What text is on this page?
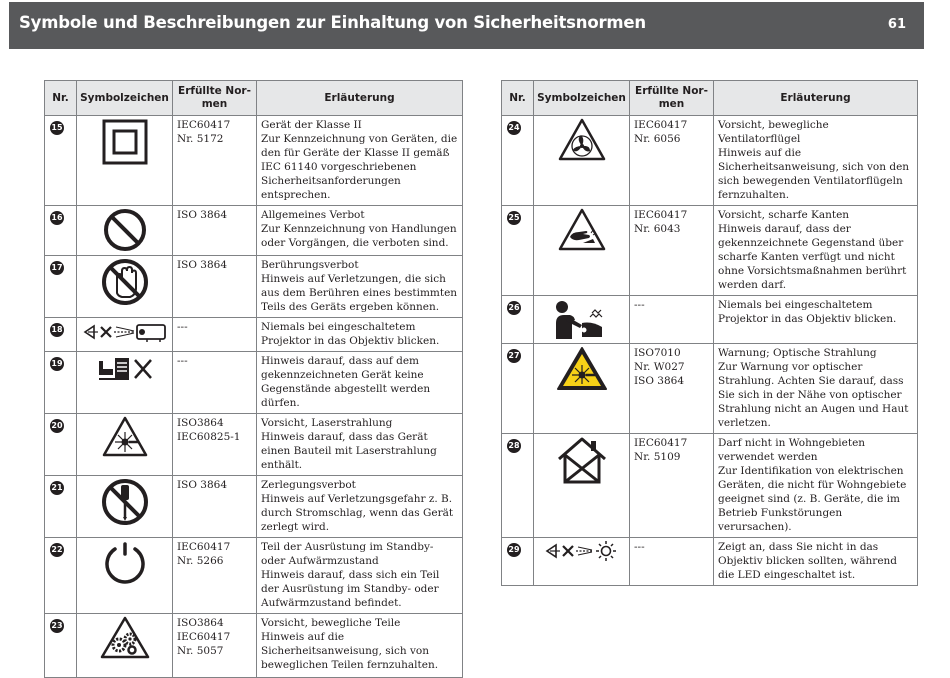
Symbole und Beschreibungen zur Einhaltung von Sicherheitsnormen	61
Nr.	Symbolzeichen	Erfüllte Nor-
men	Erläuterung
15		IEC60417
Nr. 5172	Gerät der Klasse II
Zur Kennzeichnung von Geräten, die den für Geräte der Klasse II gemäß IEC 61140 vorgeschriebenen Sicherheitsanforderungen entsprechen.
16		ISO 3864	Allgemeines Verbot
Zur Kennzeichnung von Handlungen oder Vorgängen, die verboten sind.
17		ISO 3864	Berührungsverbot
Hinweis auf Verletzungen, die sich aus dem Berühren eines bestimmten Teils des Geräts ergeben können.
18		---	Niemals bei eingeschaltetem Projektor in das Objektiv blicken.
19		---	Hinweis darauf, dass auf dem gekennzeichneten Gerät keine Gegenstände abgestellt werden dürfen.
20		ISO3864
IEC60825-1	Vorsicht, Laserstrahlung
Hinweis darauf, dass das Gerät einen Bauteil mit Laserstrahlung enthält.
21		ISO 3864	Zerlegungsverbot
Hinweis auf Verletzungsgefahr z. B. durch Stromschlag, wenn das Gerät zerlegt wird.
22		IEC60417
Nr. 5266	Teil der Ausrüstung im Standby- oder Aufwärmzustand
Hinweis darauf, dass sich ein Teil der Ausrüstung im Standby- oder Aufwärmzustand befindet.
23		ISO3864
IEC60417
Nr. 5057	Vorsicht, bewegliche Teile
Hinweis auf die Sicherheitsanweisung, sich von beweglichen Teilen fernzuhalten.
Nr.	Symbolzeichen	Erfüllte Nor-
men	Erläuterung
24		IEC60417
Nr. 6056	Vorsicht, bewegliche Ventilatorflügel
Hinweis auf die Sicherheitsanweisung, sich von den sich bewegenden Ventilatorflügeln fernzuhalten.
25		IEC60417
Nr. 6043	Vorsicht, scharfe Kanten
Hinweis darauf, dass der gekennzeichnete Gegenstand über scharfe Kanten verfügt und nicht ohne Vorsichtsmaßnahmen berührt werden darf.
26		---	Niemals bei eingeschaltetem Projektor in das Objektiv blicken.
27		ISO7010
Nr. W027
ISO 3864	Warnung; Optische Strahlung
Zur Warnung vor optischer Strahlung. Achten Sie darauf, dass Sie sich in der Nähe von optischer Strahlung nicht an Augen und Haut verletzen.
28		IEC60417
Nr. 5109	Darf nicht in Wohngebieten verwendet werden
Zur Identifikation von elektrischen Geräten, die nicht für Wohngebiete geeignet sind (z. B. Geräte, die im Betrieb Funkstörungen verursachen).
29		---	Zeigt an, dass Sie nicht in das Objektiv blicken sollten, während die LED eingeschaltet ist.
